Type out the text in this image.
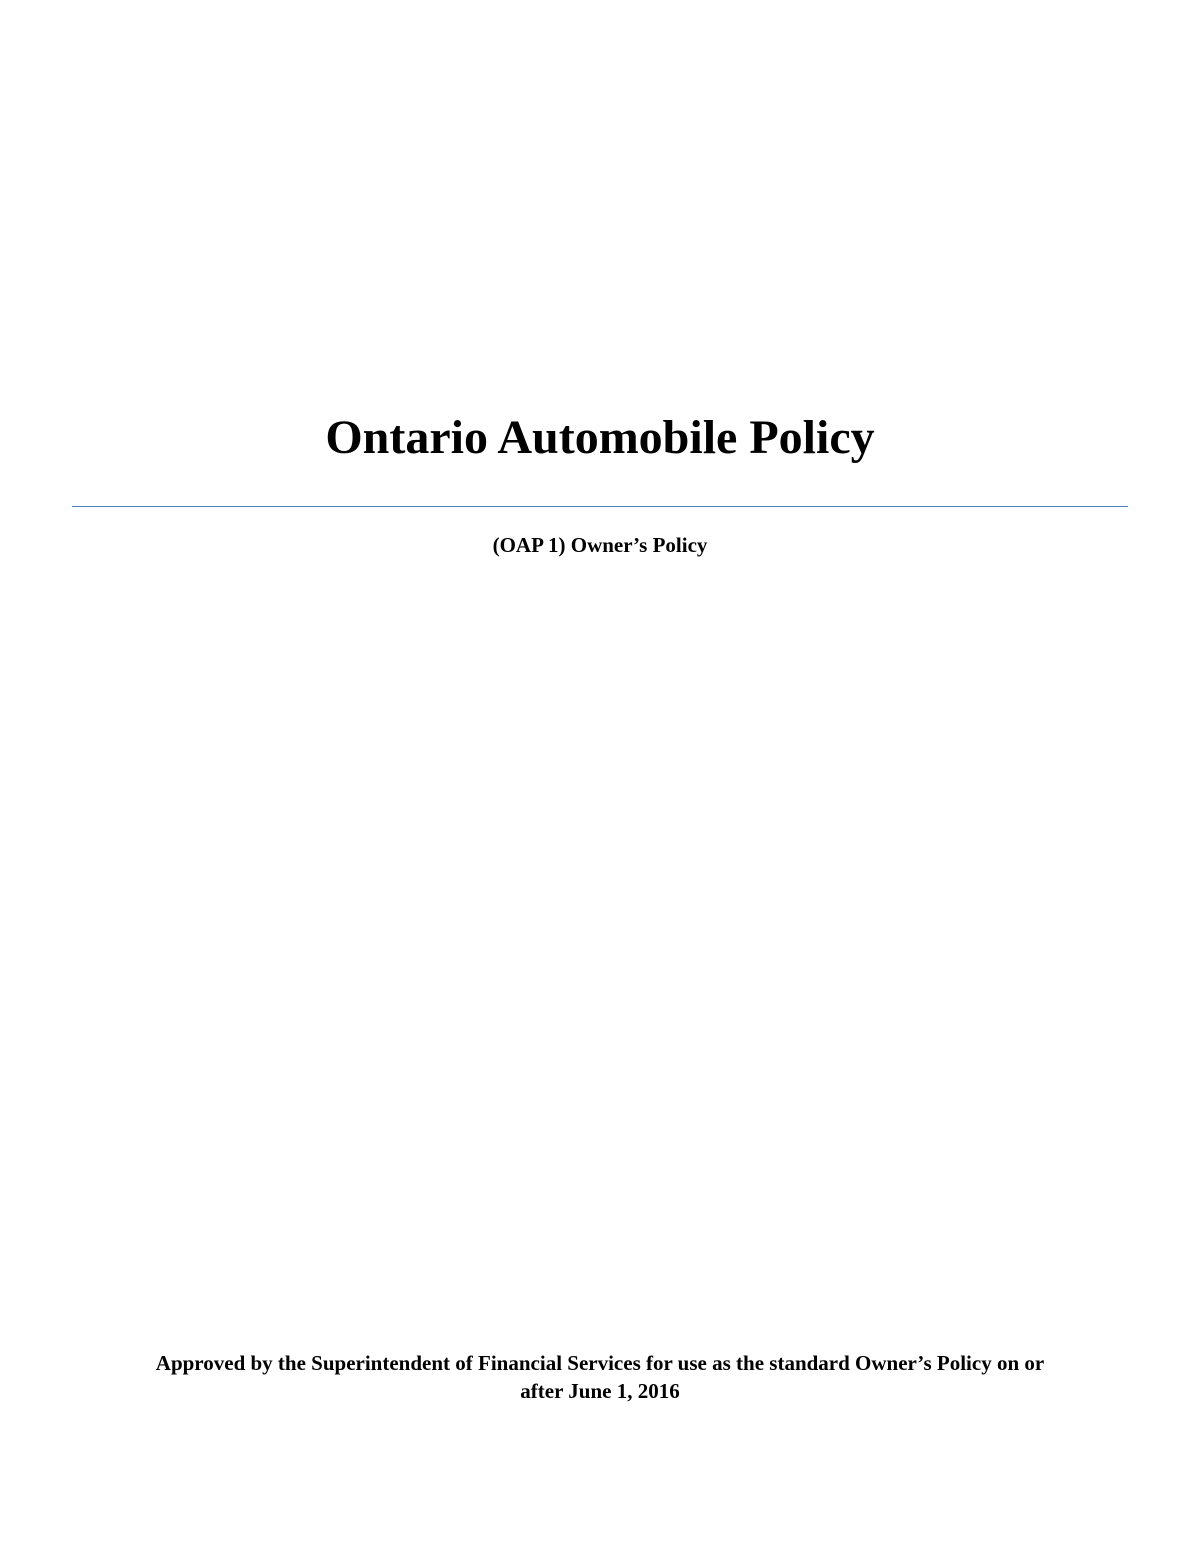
Ontario Automobile Policy

(OAP 1) Owner’s Policy

Approved by the Superintendent of Financial Services for use as the standard Owner’s Policy on or
after June 1, 2016
